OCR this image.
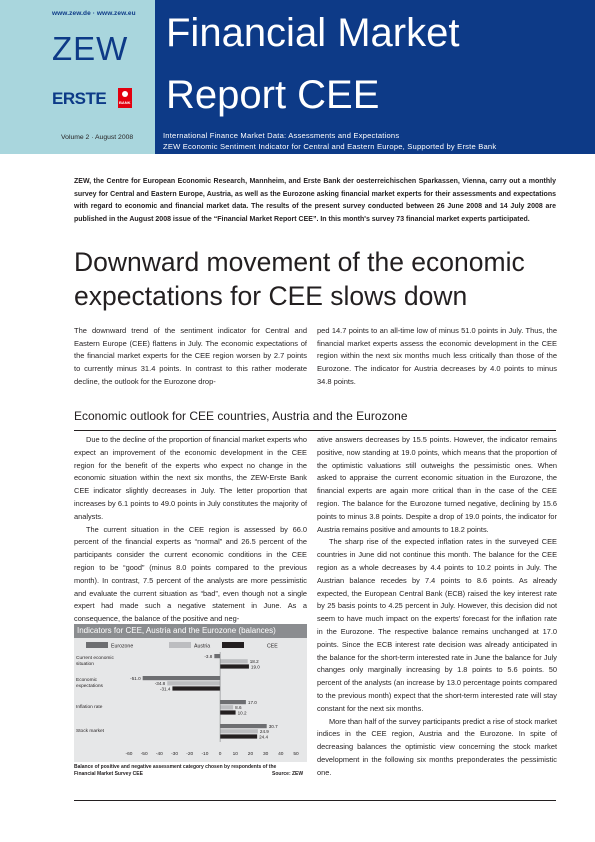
www.zew.de · www.zew.eu
ZEW
ERSTE	BANK
Financial Market
Report CEE
Volume 2 · August 2008	International Finance Market Data: Assessments and Expectations
ZEW Economic Sentiment Indicator for Central and Eastern Europe, Supported by Erste Bank
ZEW, the Centre for European Economic Research, Mannheim, and Erste Bank der oesterreichischen Sparkassen, Vienna, carry out a monthly survey for Central and Eastern Europe, Austria, as well as the Eurozone asking financial market experts for their assessments and expectations with regard to economic and financial market data. The results of the present survey conducted between 26 June 2008 and 14 July 2008 are published in the August 2008 issue of the “Financial Market Report CEE”. In this month's survey 73 financial market experts participated.
Downward movement of the economic expectations for CEE slows down
The downward trend of the sentiment indicator for Central and Eastern Europe (CEE) flattens in July. The economic expectations of the financial market experts for the CEE region worsen by 2.7 points to currently minus 31.4 points. In contrast to this rather moderate decline, the outlook for the Eurozone drop-
ped 14.7 points to an all-time low of minus 51.0 points in July. Thus, the financial market experts assess the economic development in the CEE region within the next six months much less critically than those of the Eurozone. The indicator for Austria decreases by 4.0 points to minus 34.8 points.
Economic outlook for CEE countries, Austria and the Eurozone

Due to the decline of the proportion of financial market experts who expect an improvement of the economic development in the CEE region for the benefit of the experts who expect no change in the economic situation within the next six months, the ZEW-Erste Bank CEE indicator slightly decreases in July. The letter proportion that increases by 6.1 points to 49.0 points in July constitutes the majority of analysts.

The current situation in the CEE region is assessed by 66.0 percent of the financial experts as “normal” and 26.5 percent of the participants consider the current economic conditions in the CEE region to be “good” (minus 8.0 points compared to the previous month). In contrast, 7.5 percent of the analysts are more pessimistic and evaluate the current situation as “bad”, even though not a single expert had made such a negative statement in June. As a consequence, the balance of the positive and neg-

ative answers decreases by 15.5 points. However, the indicator remains positive, now standing at 19.0 points, which means that the proportion of the optimistic valuations still outweighs the pessimistic ones. When asked to appraise the current economic situation in the Eurozone, the financial experts are again more critical than in the case of the CEE region. The balance for the Eurozone turned negative, declining by 15.6 points to minus 3.8 points. Despite a drop of 19.0 points, the indicator for Austria remains positive and amounts to 18.2 points.

The sharp rise of the expected inflation rates in the surveyed CEE countries in June did not continue this month. The balance for the CEE region as a whole decreases by 4.4 points to 10.2 points in July. The Austrian balance recedes by 7.4 points to 8.6 points. As already expected, the European Central Bank (ECB) raised the key interest rate by 25 basis points to 4.25 percent in July. However, this decision did not seem to have much impact on the experts' forecast for the inflation rate in the Eurozone. The respective balance remains unchanged at 17.0 points. Since the ECB interest rate decision was already anticipated in the balance for the short-term interested rate in June the balance for July changes only marginally increasing by 1.8 points to 5.6 points. 50 percent of the analysts (an increase by 13.0 percentage points compared to the previous month) expect that the short-term interested rate will stay constant for the next six months.

More than half of the survey participants predict a rise of stock market indices in the CEE region, Austria and the Eurozone. In spite of decreasing balances the optimistic view concerning the stock market development in the following six months preponderates the pessimistic one.

Indicators for CEE, Austria and the Eurozone (balances)
Eurozone	Austria	CEE
Current economic
situation
-3.8
18.2
19.0
Economic
expectations
-51.0
-34.8
-31.4
Inflation rate
17.0
8.6
10.2
Stock market
30.7
24.9
24.4
-60 -50 -40 -30 -20 -10 0 10 20 30 40 50
Balance of positive and negative assessment category chosen by respondents of the
Financial Market Survey CEE	Source: ZEW
